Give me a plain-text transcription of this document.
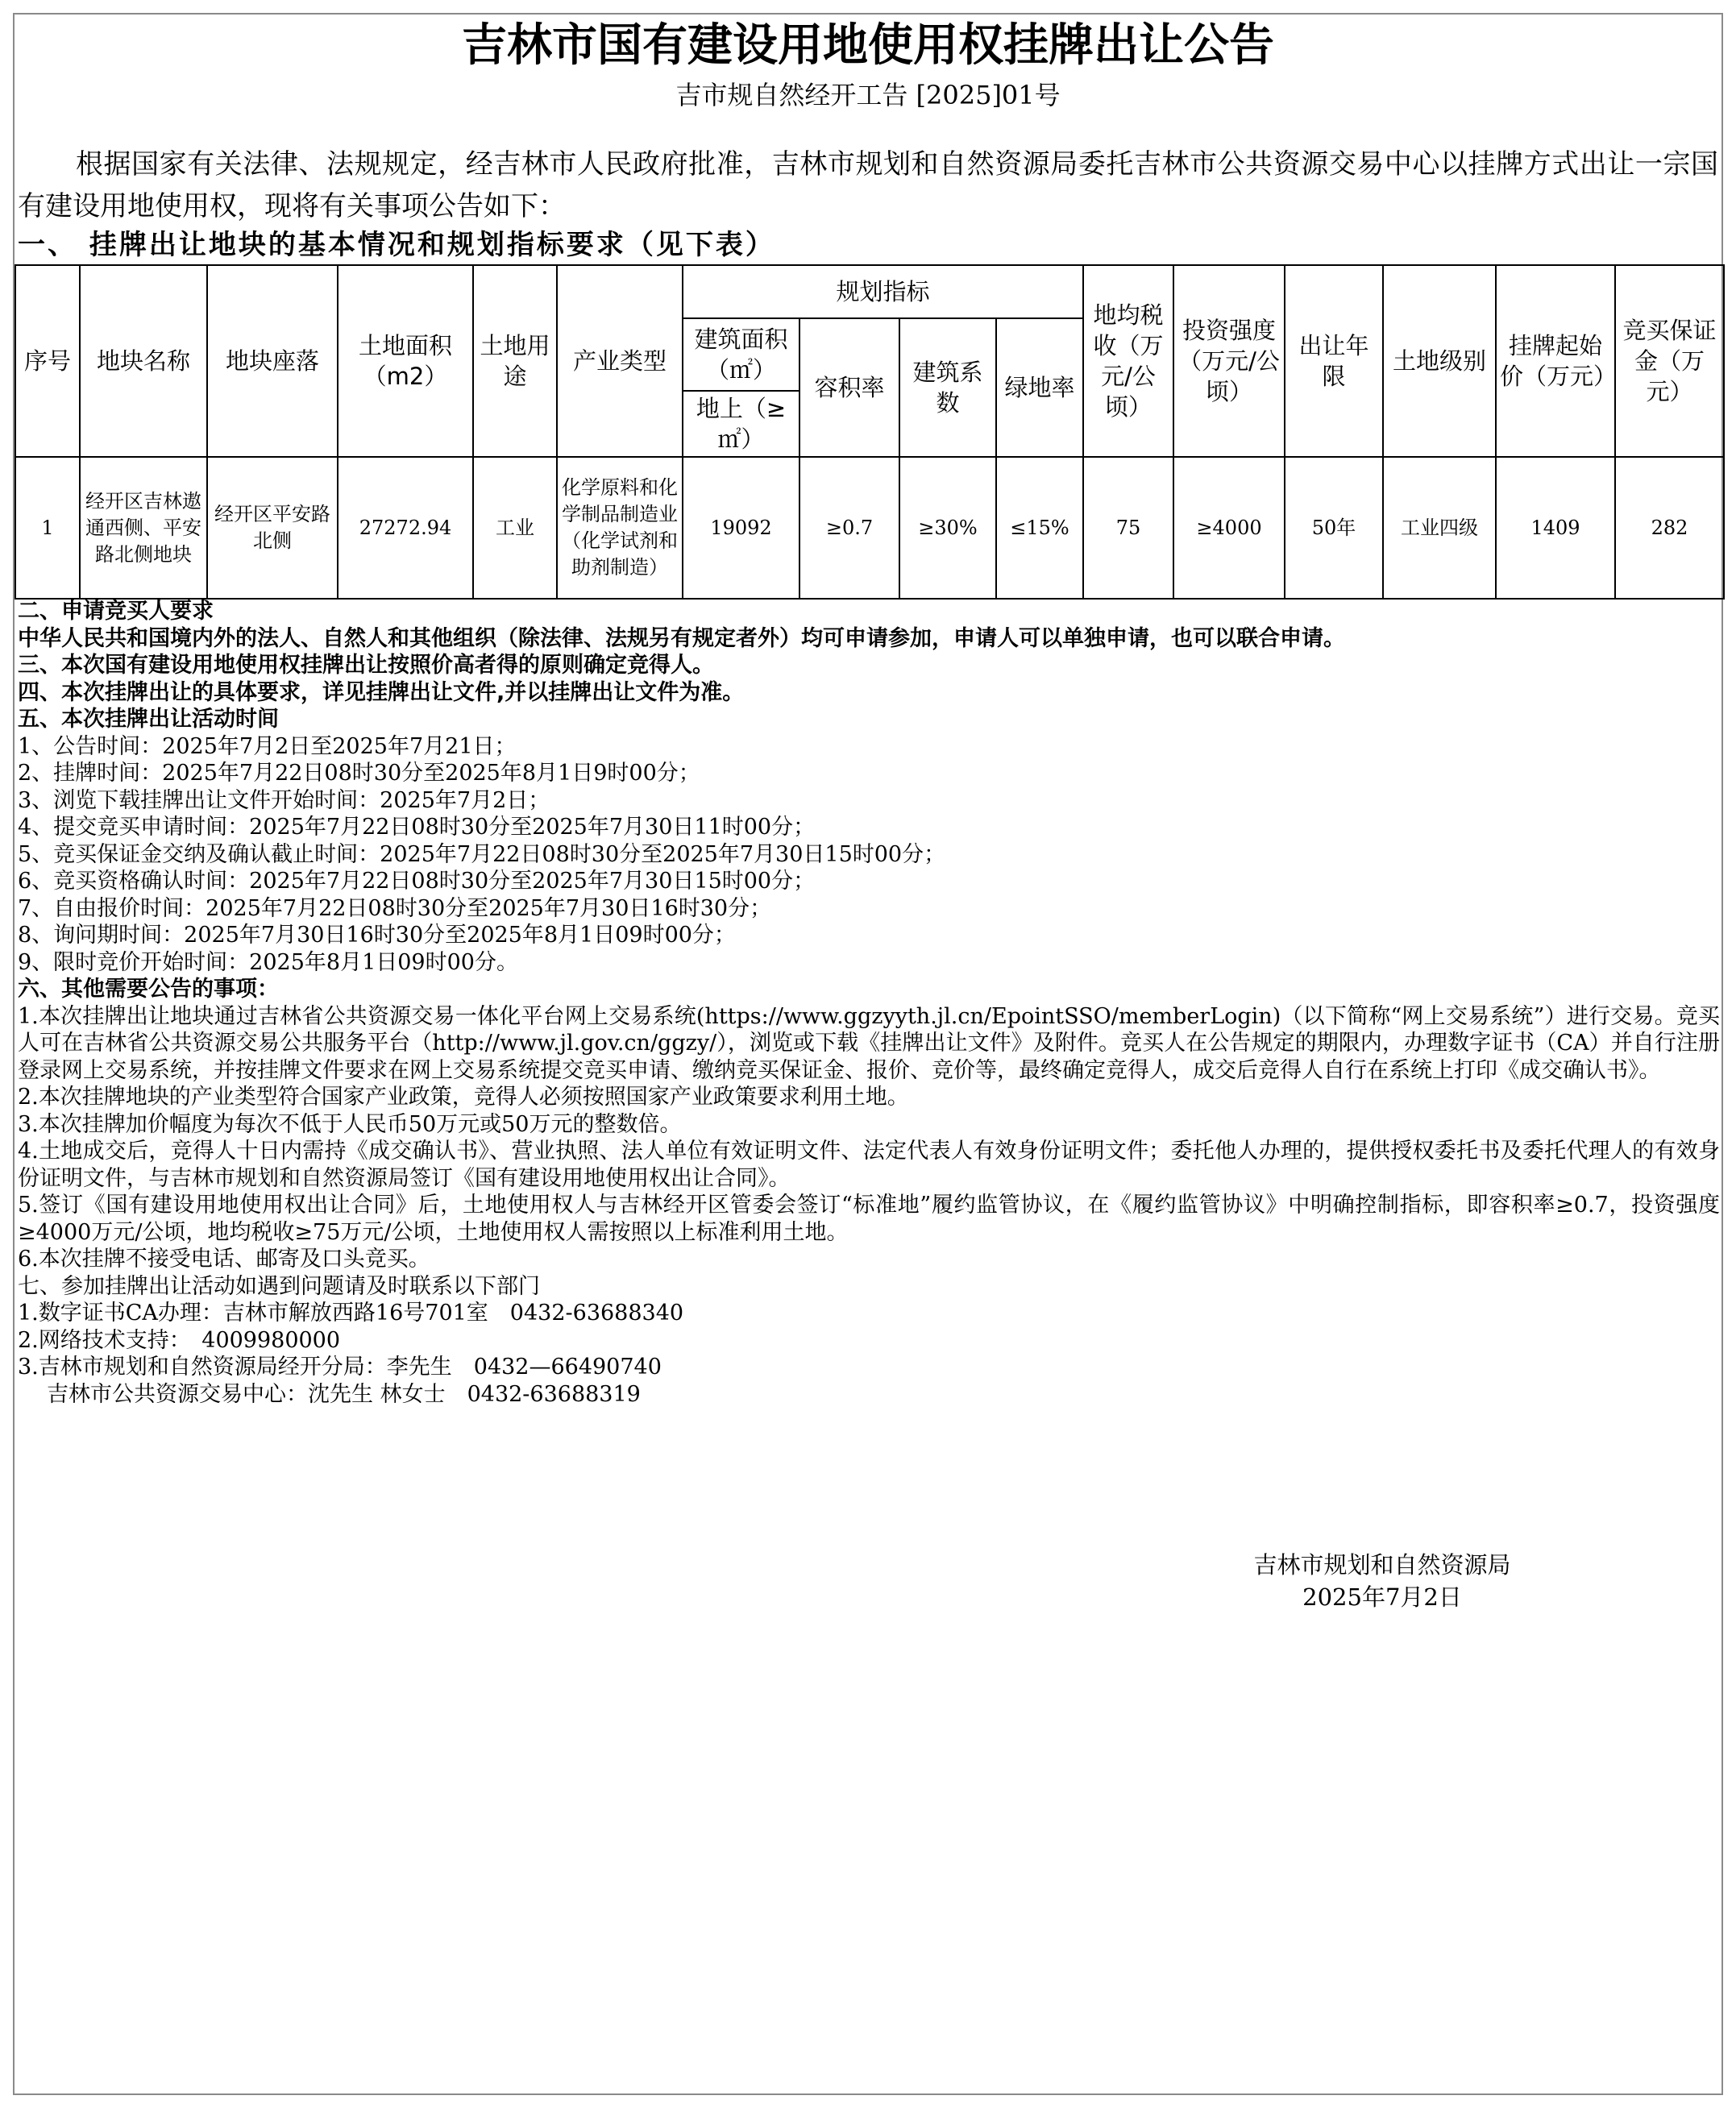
吉林市国有建设用地使用权挂牌出让公告
吉市规自然经开工告 [2025]01号
根据国家有关法律、法规规定，经吉林市人民政府批准，吉林市规划和自然资源局委托吉林市公共资源交易中心以挂牌方式出让一宗国有建设用地使用权，现将有关事项公告如下：
一、 挂牌出让地块的基本情况和规划指标要求（见下表）
序号	地块名称	地块座落	土地面积（m2）	土地用途	产业类型	规划指标				地均税收（万元/公顷）	投资强度（万元/公顷）	出让年限	土地级别	挂牌起始价（万元）	竞买保证金（万元）
						建筑面积（㎡）	容积率	建筑系数	绿地率						
						地上（≥㎡）									
1	经开区吉林遨通西侧、平安路北侧地块	经开区平安路北侧	27272.94	工业	化学原料和化学制品制造业（化学试剂和助剂制造）	19092	≥0.7	≥30%	≤15%	75	≥4000	50年	工业四级	1409	282
二、申请竞买人要求
中华人民共和国境内外的法人、自然人和其他组织（除法律、法规另有规定者外）均可申请参加，申请人可以单独申请，也可以联合申请。
三、本次国有建设用地使用权挂牌出让按照价高者得的原则确定竞得人。
四、本次挂牌出让的具体要求，详见挂牌出让文件,并以挂牌出让文件为准。
五、本次挂牌出让活动时间
1、公告时间：2025年7月2日至2025年7月21日；
2、挂牌时间：2025年7月22日08时30分至2025年8月1日9时00分；
3、浏览下载挂牌出让文件开始时间：2025年7月2日；
4、提交竞买申请时间：2025年7月22日08时30分至2025年7月30日11时00分；
5、竞买保证金交纳及确认截止时间：2025年7月22日08时30分至2025年7月30日15时00分；
6、竞买资格确认时间：2025年7月22日08时30分至2025年7月30日15时00分；
7、自由报价时间：2025年7月22日08时30分至2025年7月30日16时30分；
8、询问期时间：2025年7月30日16时30分至2025年8月1日09时00分；
9、限时竞价开始时间：2025年8月1日09时00分。
六、其他需要公告的事项：
1.本次挂牌出让地块通过吉林省公共资源交易一体化平台网上交易系统(https://www.ggzyyth.jl.cn/EpointSSO/memberLogin)（以下简称“网上交易系统”）进行交易。竞买人可在吉林省公共资源交易公共服务平台（http://www.jl.gov.cn/ggzy/），浏览或下载《挂牌出让文件》及附件。竞买人在公告规定的期限内，办理数字证书（CA）并自行注册登录网上交易系统，并按挂牌文件要求在网上交易系统提交竞买申请、缴纳竞买保证金、报价、竞价等，最终确定竞得人，成交后竞得人自行在系统上打印《成交确认书》。
2.本次挂牌地块的产业类型符合国家产业政策，竞得人必须按照国家产业政策要求利用土地。
3.本次挂牌加价幅度为每次不低于人民币50万元或50万元的整数倍。
4.土地成交后，竞得人十日内需持《成交确认书》、营业执照、法人单位有效证明文件、法定代表人有效身份证明文件；委托他人办理的，提供授权委托书及委托代理人的有效身份证明文件，与吉林市规划和自然资源局签订《国有建设用地使用权出让合同》。
5.签订《国有建设用地使用权出让合同》后，土地使用权人与吉林经开区管委会签订“标准地”履约监管协议，在《履约监管协议》中明确控制指标，即容积率≥0.7，投资强度≥4000万元/公顷，地均税收≥75万元/公顷，土地使用权人需按照以上标准利用土地。
6.本次挂牌不接受电话、邮寄及口头竞买。
七、参加挂牌出让活动如遇到问题请及时联系以下部门
1.数字证书CA办理：吉林市解放西路16号701室　0432-63688340
2.网络技术支持：　4009980000
3.吉林市规划和自然资源局经开分局：李先生　0432—66490740
吉林市公共资源交易中心：沈先生 林女士　0432-63688319
吉林市规划和自然资源局
2025年7月2日
